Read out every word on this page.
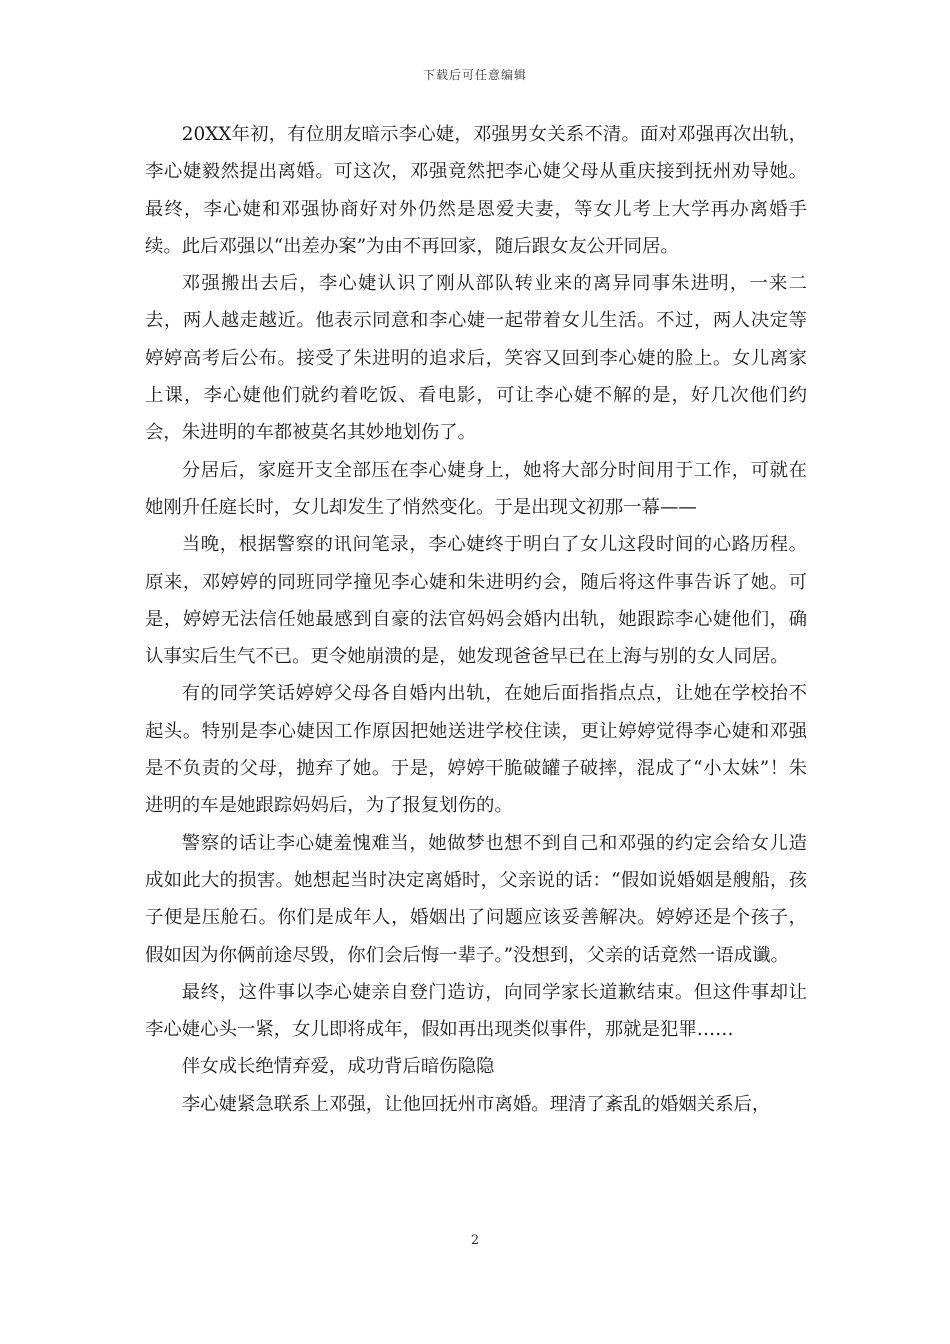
下载后可任意编辑

20XX年初，有位朋友暗示李心婕，邓强男女关系不清。面对邓强再次出轨，李心婕毅然提出离婚。可这次，邓强竟然把李心婕父母从重庆接到抚州劝导她。最终，李心婕和邓强协商好对外仍然是恩爱夫妻，等女儿考上大学再办离婚手续。此后邓强以“出差办案”为由不再回家，随后跟女友公开同居。

邓强搬出去后，李心婕认识了刚从部队转业来的离异同事朱进明，一来二去，两人越走越近。他表示同意和李心婕一起带着女儿生活。不过，两人决定等婷婷高考后公布。接受了朱进明的追求后，笑容又回到李心婕的脸上。女儿离家上课，李心婕他们就约着吃饭、看电影，可让李心婕不解的是，好几次他们约会，朱进明的车都被莫名其妙地划伤了。

分居后，家庭开支全部压在李心婕身上，她将大部分时间用于工作，可就在她刚升任庭长时，女儿却发生了悄然变化。于是出现文初那一幕——

当晚，根据警察的讯问笔录，李心婕终于明白了女儿这段时间的心路历程。原来，邓婷婷的同班同学撞见李心婕和朱进明约会，随后将这件事告诉了她。可是，婷婷无法信任她最感到自豪的法官妈妈会婚内出轨，她跟踪李心婕他们，确认事实后生气不已。更令她崩溃的是，她发现爸爸早已在上海与别的女人同居。

有的同学笑话婷婷父母各自婚内出轨，在她后面指指点点，让她在学校抬不起头。特别是李心婕因工作原因把她送进学校住读，更让婷婷觉得李心婕和邓强是不负责的父母，抛弃了她。于是，婷婷干脆破罐子破摔，混成了“小太妹”！朱进明的车是她跟踪妈妈后，为了报复划伤的。

警察的话让李心婕羞愧难当，她做梦也想不到自己和邓强的约定会给女儿造成如此大的损害。她想起当时决定离婚时，父亲说的话：“假如说婚姻是艘船，孩子便是压舱石。你们是成年人，婚姻出了问题应该妥善解决。婷婷还是个孩子，假如因为你俩前途尽毁，你们会后悔一辈子。”没想到，父亲的话竟然一语成谶。

最终，这件事以李心婕亲自登门造访，向同学家长道歉结束。但这件事却让李心婕心头一紧，女儿即将成年，假如再出现类似事件，那就是犯罪……

伴女成长绝情弃爱，成功背后暗伤隐隐

李心婕紧急联系上邓强，让他回抚州市离婚。理清了紊乱的婚姻关系后，

2
